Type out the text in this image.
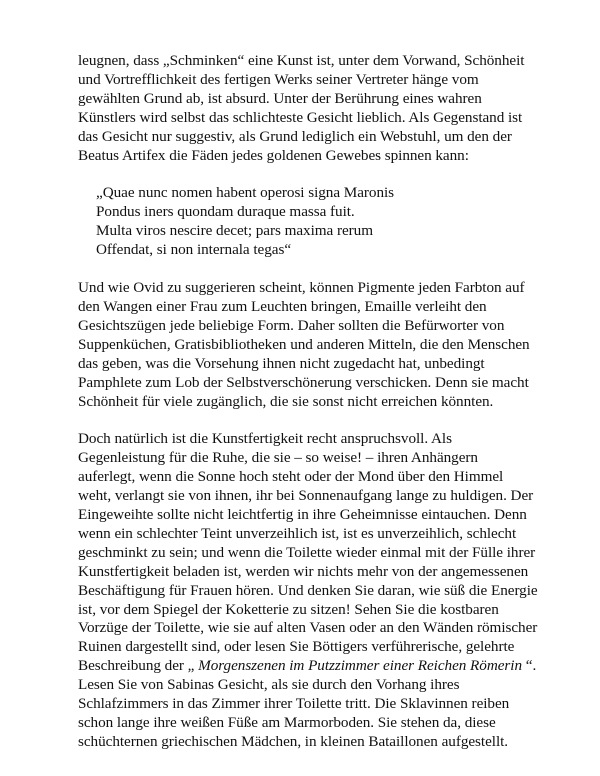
leugnen, dass „Schminken“ eine Kunst ist, unter dem Vorwand, Schönheit
und Vortrefflichkeit des fertigen Werks seiner Vertreter hänge vom
gewählten Grund ab, ist absurd. Unter der Berührung eines wahren
Künstlers wird selbst das schlichteste Gesicht lieblich. Als Gegenstand ist
das Gesicht nur suggestiv, als Grund lediglich ein Webstuhl, um den der
Beatus Artifex die Fäden jedes goldenen Gewebes spinnen kann:

„Quae nunc nomen habent operosi signa Maronis
Pondus iners quondam duraque massa fuit.
Multa viros nescire decet; pars maxima rerum
Offendat, si non internala tegas“

Und wie Ovid zu suggerieren scheint, können Pigmente jeden Farbton auf
den Wangen einer Frau zum Leuchten bringen, Emaille verleiht den
Gesichtszügen jede beliebige Form. Daher sollten die Befürworter von
Suppenküchen, Gratisbibliotheken und anderen Mitteln, die den Menschen
das geben, was die Vorsehung ihnen nicht zugedacht hat, unbedingt
Pamphlete zum Lob der Selbstverschönerung verschicken. Denn sie macht
Schönheit für viele zugänglich, die sie sonst nicht erreichen könnten.

Doch natürlich ist die Kunstfertigkeit recht anspruchsvoll. Als
Gegenleistung für die Ruhe, die sie – so weise! – ihren Anhängern
auferlegt, wenn die Sonne hoch steht oder der Mond über den Himmel
weht, verlangt sie von ihnen, ihr bei Sonnenaufgang lange zu huldigen. Der
Eingeweihte sollte nicht leichtfertig in ihre Geheimnisse eintauchen. Denn
wenn ein schlechter Teint unverzeihlich ist, ist es unverzeihlich, schlecht
geschminkt zu sein; und wenn die Toilette wieder einmal mit der Fülle ihrer
Kunstfertigkeit beladen ist, werden wir nichts mehr von der angemessenen
Beschäftigung für Frauen hören. Und denken Sie daran, wie süß die Energie
ist, vor dem Spiegel der Koketterie zu sitzen! Sehen Sie die kostbaren
Vorzüge der Toilette, wie sie auf alten Vasen oder an den Wänden römischer
Ruinen dargestellt sind, oder lesen Sie Böttigers verführerische, gelehrte
Beschreibung der „ Morgenszenen im Putzzimmer einer Reichen Römerin “.
Lesen Sie von Sabinas Gesicht, als sie durch den Vorhang ihres
Schlafzimmers in das Zimmer ihrer Toilette tritt. Die Sklavinnen reiben
schon lange ihre weißen Füße am Marmorboden. Sie stehen da, diese
schüchternen griechischen Mädchen, in kleinen Bataillonen aufgestellt.
